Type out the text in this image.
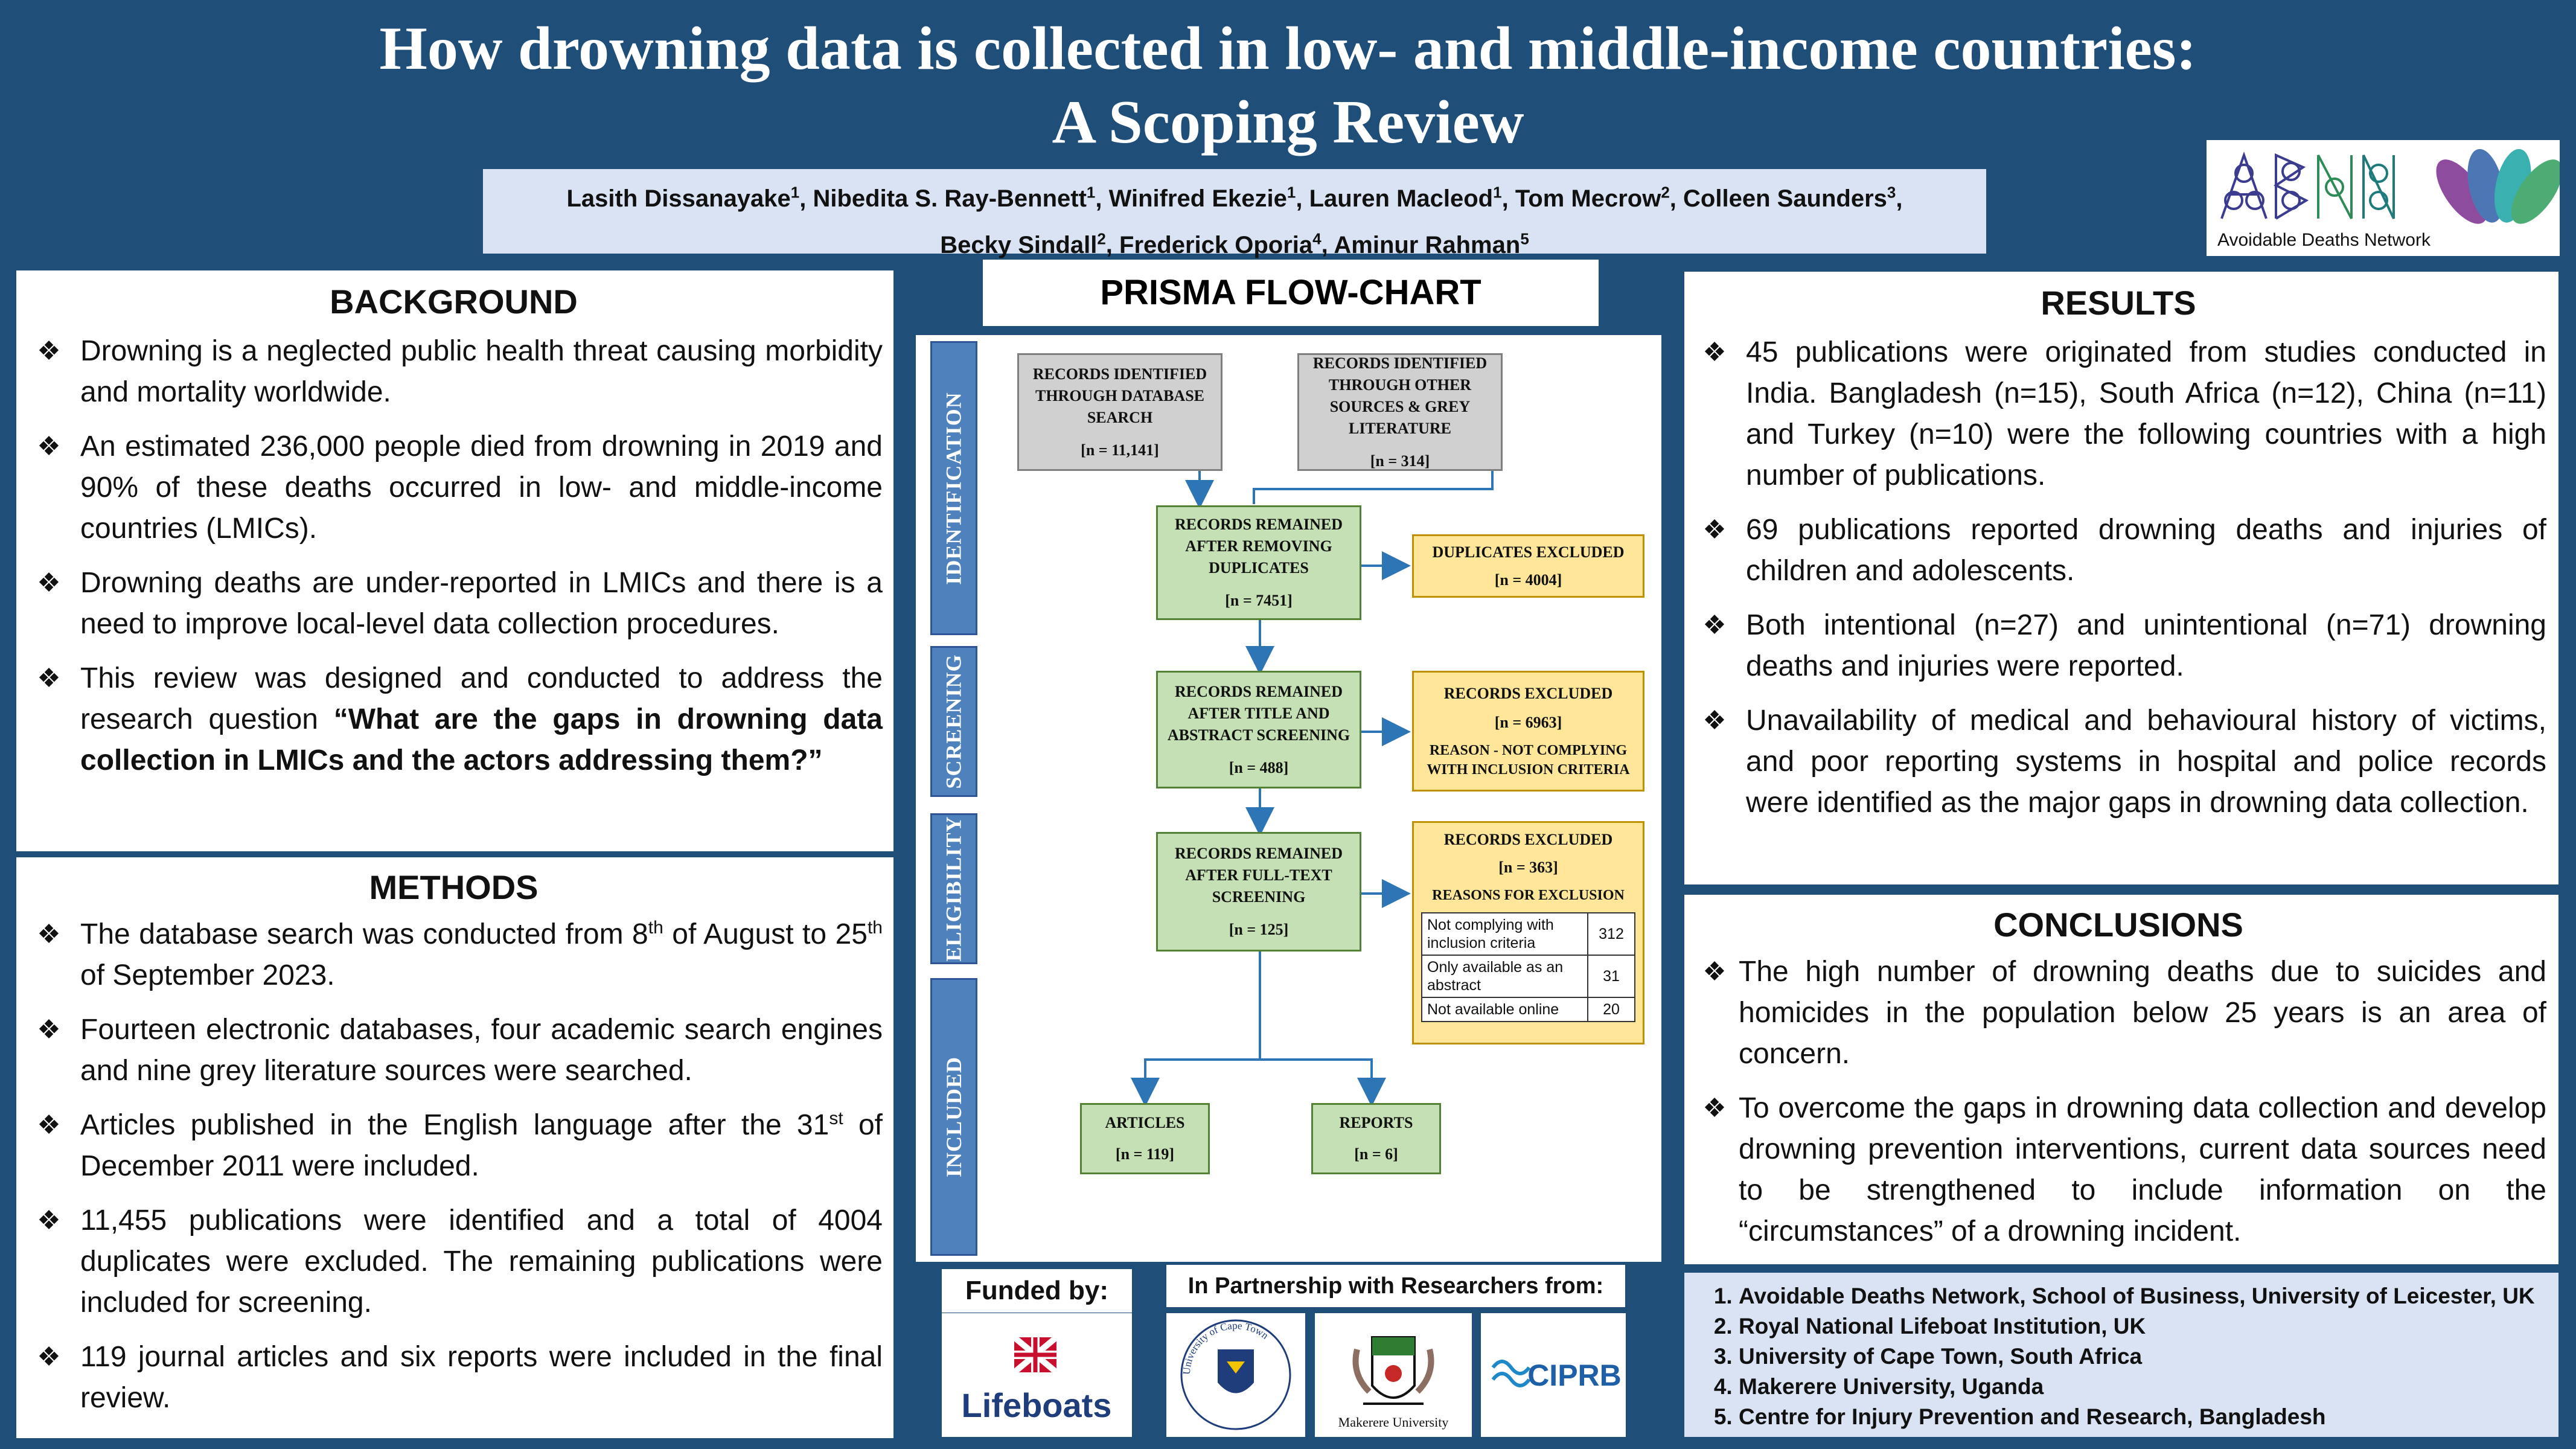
How drowning data is collected in low- and middle-income countries:
A Scoping Review
Lasith Dissanayake$^1$, Nibedita S. Ray-Bennett$^1$, Winifred Ekezie$^1$, Lauren Macleod$^1$, Tom Mecrow$^2$, Colleen Saunders$^3$,
Becky Sindall$^2$, Frederick Oporia$^4$, Aminur Rahman$^5$	Avoidable Deaths Network
BACKGROUND
❖ Drowning is a neglected public health threat causing morbidity and mortality worldwide.
❖ An estimated 236,000 people died from drowning in 2019 and 90% of these deaths occurred in low- and middle-income countries (LMICs).
❖ Drowning deaths are under-reported in LMICs and there is a need to improve local-level data collection procedures.
❖ This review was designed and conducted to address the research question “What are the gaps in drowning data collection in LMICs and the actors addressing them?”
METHODS
❖ The database search was conducted from 8th of August to 25th of September 2023.
❖ Fourteen electronic databases, four academic search engines and nine grey literature sources were searched.
❖ Articles published in the English language after the 31st of December 2011 were included.
❖ 11,455 publications were identified and a total of 4004 duplicates were excluded. The remaining publications were included for screening.
❖ 119 journal articles and six reports were included in the final review.
PRISMA FLOW-CHART
IDENTIFICATION
SCREENING
ELIGIBILITY
INCLUDED
RECORDS IDENTIFIED THROUGH DATABASE SEARCH
[n = 11,141]
RECORDS IDENTIFIED THROUGH OTHER SOURCES & GREY LITERATURE
[n = 314]
RECORDS REMAINED AFTER REMOVING DUPLICATES
[n = 7451]
DUPLICATES EXCLUDED
[n = 4004]
RECORDS REMAINED AFTER TITLE AND ABSTRACT SCREENING
[n = 488]
RECORDS EXCLUDED
[n = 6963]
REASON - NOT COMPLYING WITH INCLUSION CRITERIA
RECORDS REMAINED AFTER FULL-TEXT SCREENING
[n = 125]
RECORDS EXCLUDED
[n = 363]
REASONS FOR EXCLUSION
Not complying with inclusion criteria	312
Only available as an abstract	31
Not available online	20
ARTICLES
[n = 119]
REPORTS
[n = 6]
Funded by:
Lifeboats
In Partnership with Researchers from:
University of Cape Town
Makerere University
CIPRB
RESULTS
❖ 45 publications were originated from studies conducted in India. Bangladesh (n=15), South Africa (n=12), China (n=11) and Turkey (n=10) were the following countries with a high number of publications.
❖ 69 publications reported drowning deaths and injuries of children and adolescents.
❖ Both intentional (n=27) and unintentional (n=71) drowning deaths and injuries were reported.
❖ Unavailability of medical and behavioural history of victims, and poor reporting systems in hospital and police records were identified as the major gaps in drowning data collection.
CONCLUSIONS
❖ The high number of drowning deaths due to suicides and homicides in the population below 25 years is an area of concern.
❖ To overcome the gaps in drowning data collection and develop drowning prevention interventions, current data sources need to be strengthened to include information on the “circumstances” of a drowning incident.
1. Avoidable Deaths Network, School of Business, University of Leicester, UK
2. Royal National Lifeboat Institution, UK
3. University of Cape Town, South Africa
4. Makerere University, Uganda
5. Centre for Injury Prevention and Research, Bangladesh
